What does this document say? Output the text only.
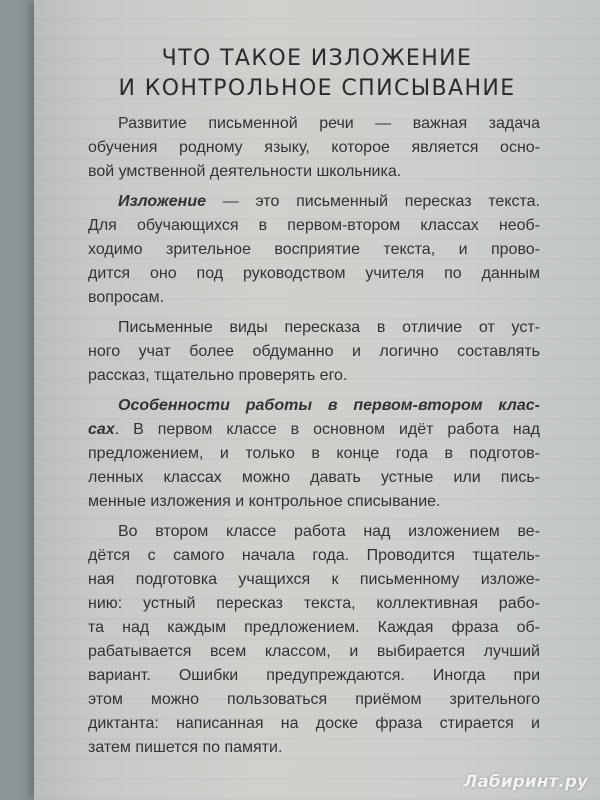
ЧТО ТАКОЕ ИЗЛОЖЕНИЕ
И КОНТРОЛЬНОЕ СПИСЫВАНИЕ
Развитие письменной речи — важная задача
обучения родному языку, которое является осно-
вой умственной деятельности школьника.
Изложение — это письменный пересказ текста.
Для обучающихся в первом-втором классах необ-
ходимо зрительное восприятие текста, и прово-
дится оно под руководством учителя по данным
вопросам.
Письменные виды пересказа в отличие от уст-
ного учат более обдуманно и логично составлять
рассказ, тщательно проверять его.
Особенности работы в первом-втором клас-
сах. В первом классе в основном идёт работа над
предложением, и только в конце года в подготов-
ленных классах можно давать устные или пись-
менные изложения и контрольное списывание.
Во втором классе работа над изложением ве-
дётся с самого начала года. Проводится тщатель-
ная подготовка учащихся к письменному изложе-
нию: устный пересказ текста, коллективная рабо-
та над каждым предложением. Каждая фраза об-
рабатывается всем классом, и выбирается лучший
вариант. Ошибки предупреждаются. Иногда при
этом можно пользоваться приёмом зрительного
диктанта: написанная на доске фраза стирается и
затем пишется по памяти.
Лабиринт.ру
